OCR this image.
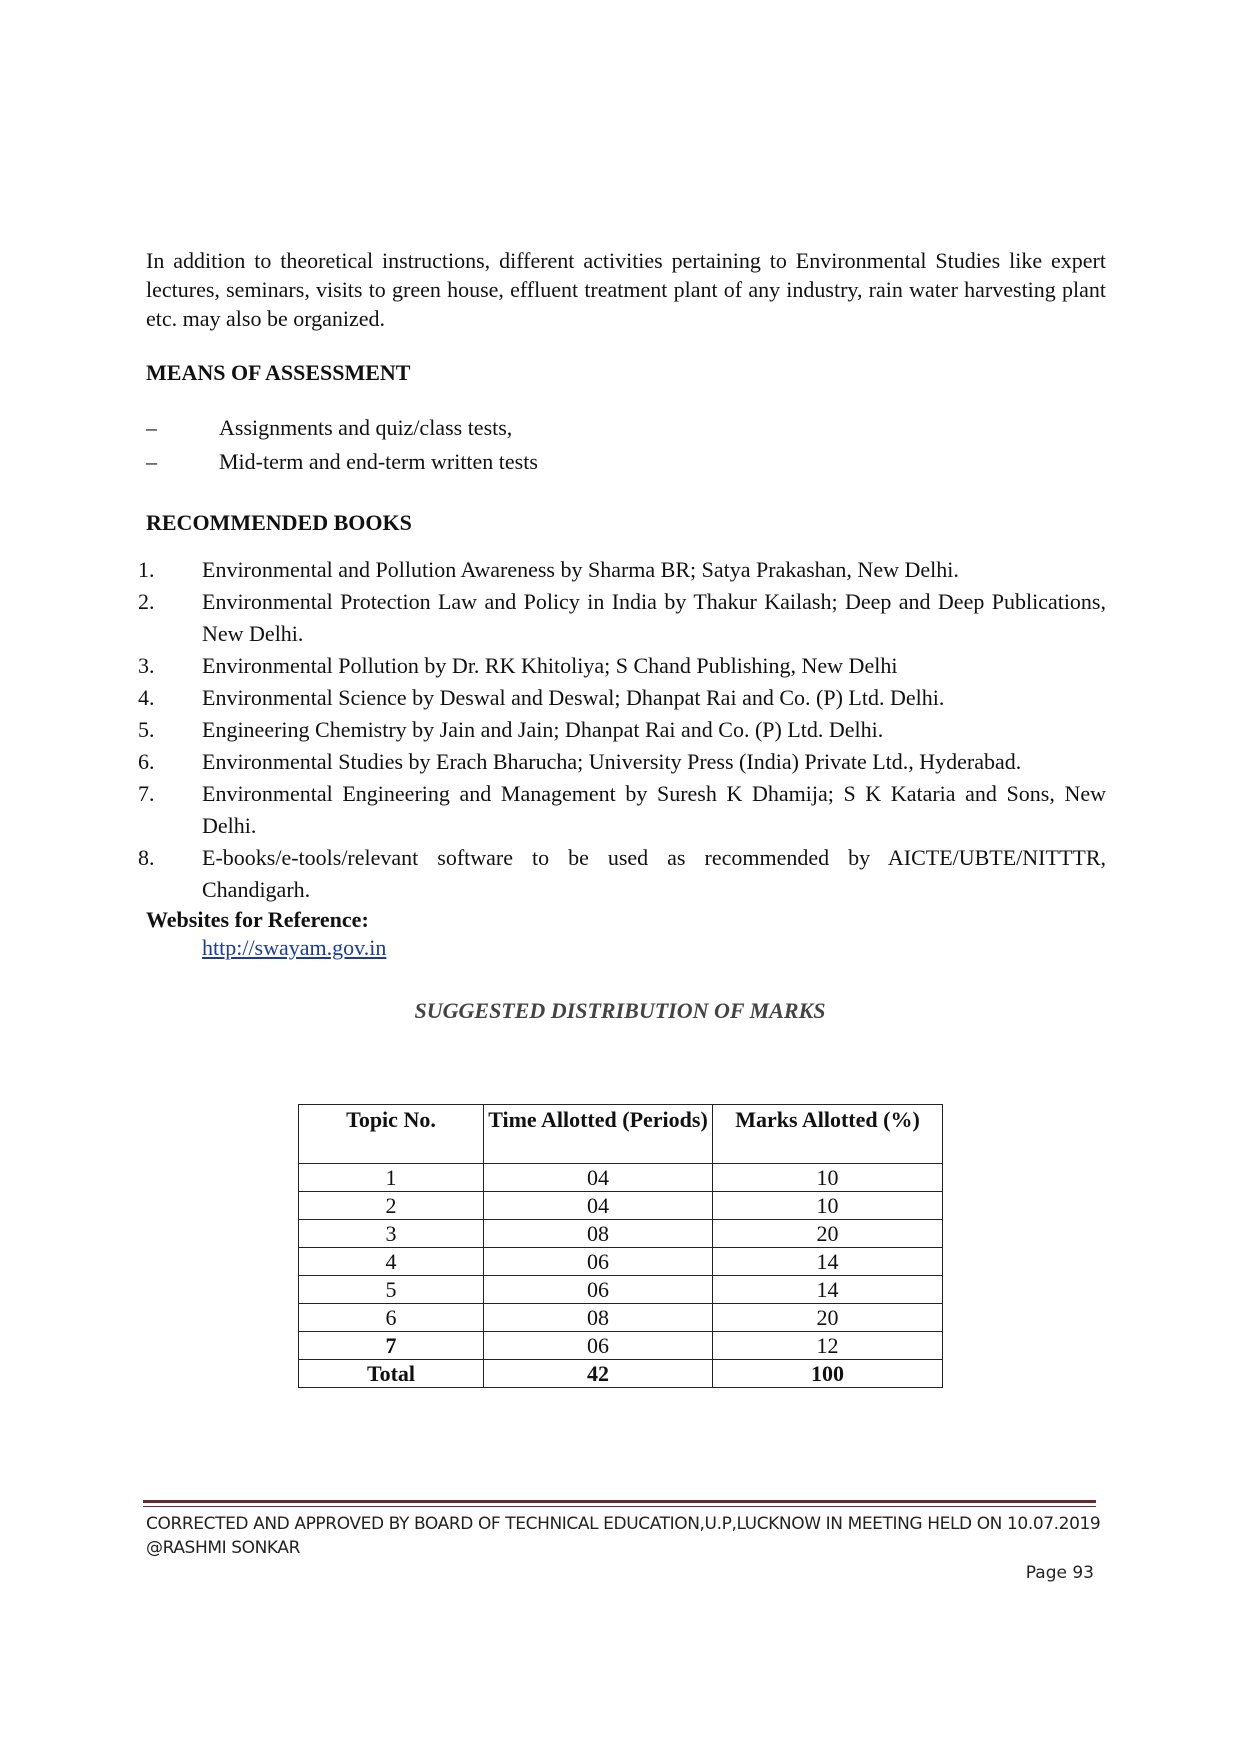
In addition to theoretical instructions, different activities pertaining to Environmental Studies like expert lectures, seminars, visits to green house, effluent treatment plant of any industry, rain water harvesting plant etc. may also be organized.

MEANS OF ASSESSMENT
–	Assignments and quiz/class tests,
–	Mid-term and end-term written tests
RECOMMENDED BOOKS
1.	Environmental and Pollution Awareness by Sharma BR; Satya Prakashan, New Delhi.
2.	Environmental Protection Law and Policy in India by Thakur Kailash; Deep and Deep Publications, New Delhi.
3.	Environmental Pollution by Dr. RK Khitoliya; S Chand Publishing, New Delhi
4.	Environmental Science by Deswal and Deswal; Dhanpat Rai and Co. (P) Ltd. Delhi.
5.	Engineering Chemistry by Jain and Jain; Dhanpat Rai and Co. (P) Ltd. Delhi.
6.	Environmental Studies by Erach Bharucha; University Press (India) Private Ltd., Hyderabad.
7.	Environmental Engineering and Management by Suresh K Dhamija; S K Kataria and Sons, New Delhi.
8.	E-books/e-tools/relevant software to be used as recommended by AICTE/UBTE/NITTTR, Chandigarh.
Websites for Reference:
http://swayam.gov.in

SUGGESTED DISTRIBUTION OF MARKS

Topic No.	Time Allotted (Periods)	Marks Allotted (%)
1	04	10
2	04	10
3	08	20
4	06	14
5	06	14
6	08	20
7	06	12
Total	42	100
CORRECTED AND APPROVED BY BOARD OF TECHNICAL EDUCATION,U.P,LUCKNOW IN MEETING HELD ON 10.07.2019 @RASHMI SONKAR
Page 93
